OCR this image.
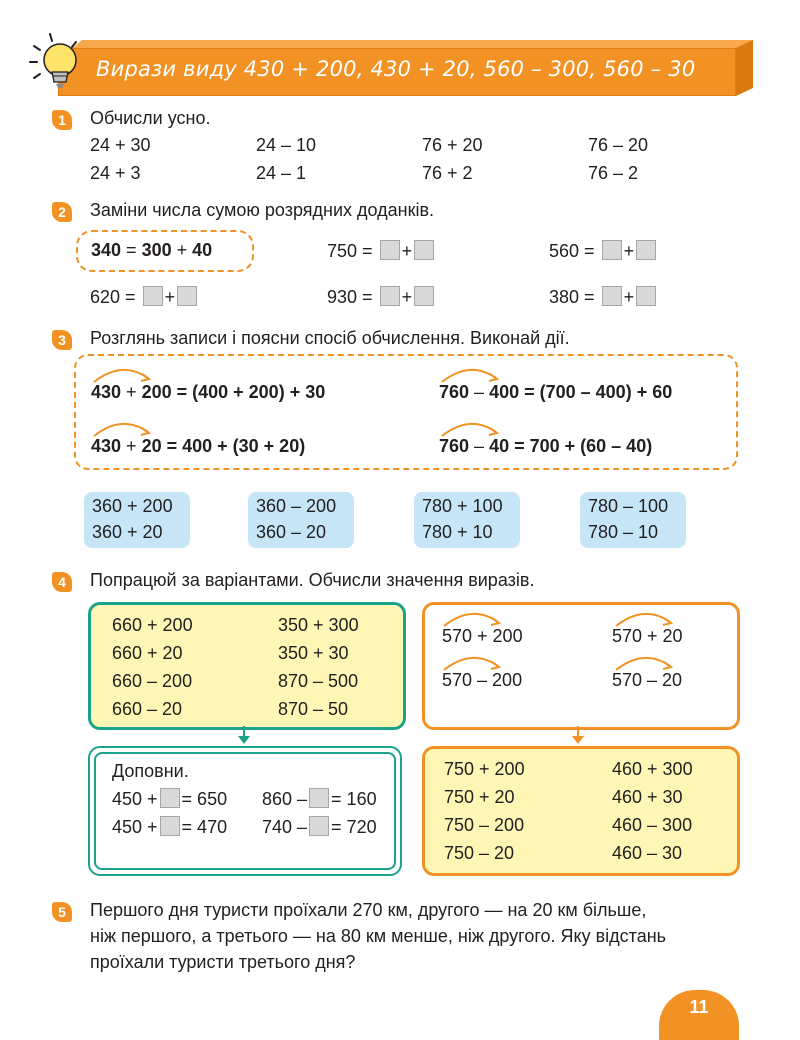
Вирази виду 430 + 200, 430 + 20, 560 – 300, 560 – 30
1	Обчисли усно.
24 + 30	24 – 10	76 + 20	76 – 20
24 + 3	24 – 1	76 + 2	76 – 2
2	Заміни числа сумою розрядних доданків.
340 = 300 + 40	750 = +	560 = +
620 = +	930 = +	380 = +
3	Розглянь записи і поясни спосіб обчислення. Виконай дії.
430 + 200 = (400 + 200) + 30	760 – 400 = (700 – 400) + 60
430 + 20 = 400 + (30 + 20)	760 – 40 = 700 + (60 – 40)
360 + 200
360 + 20
360 – 200
360 – 20
780 + 100
780 + 10
780 – 100
780 – 10
4	Попрацюй за варіантами. Обчисли значення виразів.
660 + 200	350 + 300
660 + 20	350 + 30
660 – 200	870 – 500
660 – 20	870 – 50
570 + 200	570 + 20
570 – 200	570 – 20
Доповни.
450 + = 650 860 – = 160
450 + = 470 740 – = 720
750 + 200	460 + 300
750 + 20	460 + 30
750 – 200	460 – 300
750 – 20	460 – 30
5	Першого дня туристи проїхали 270 км, другого — на 20 км більше,
ніж першого, а третього — на 80 км менше, ніж другого. Яку відстань
проїхали туристи третього дня?
11
